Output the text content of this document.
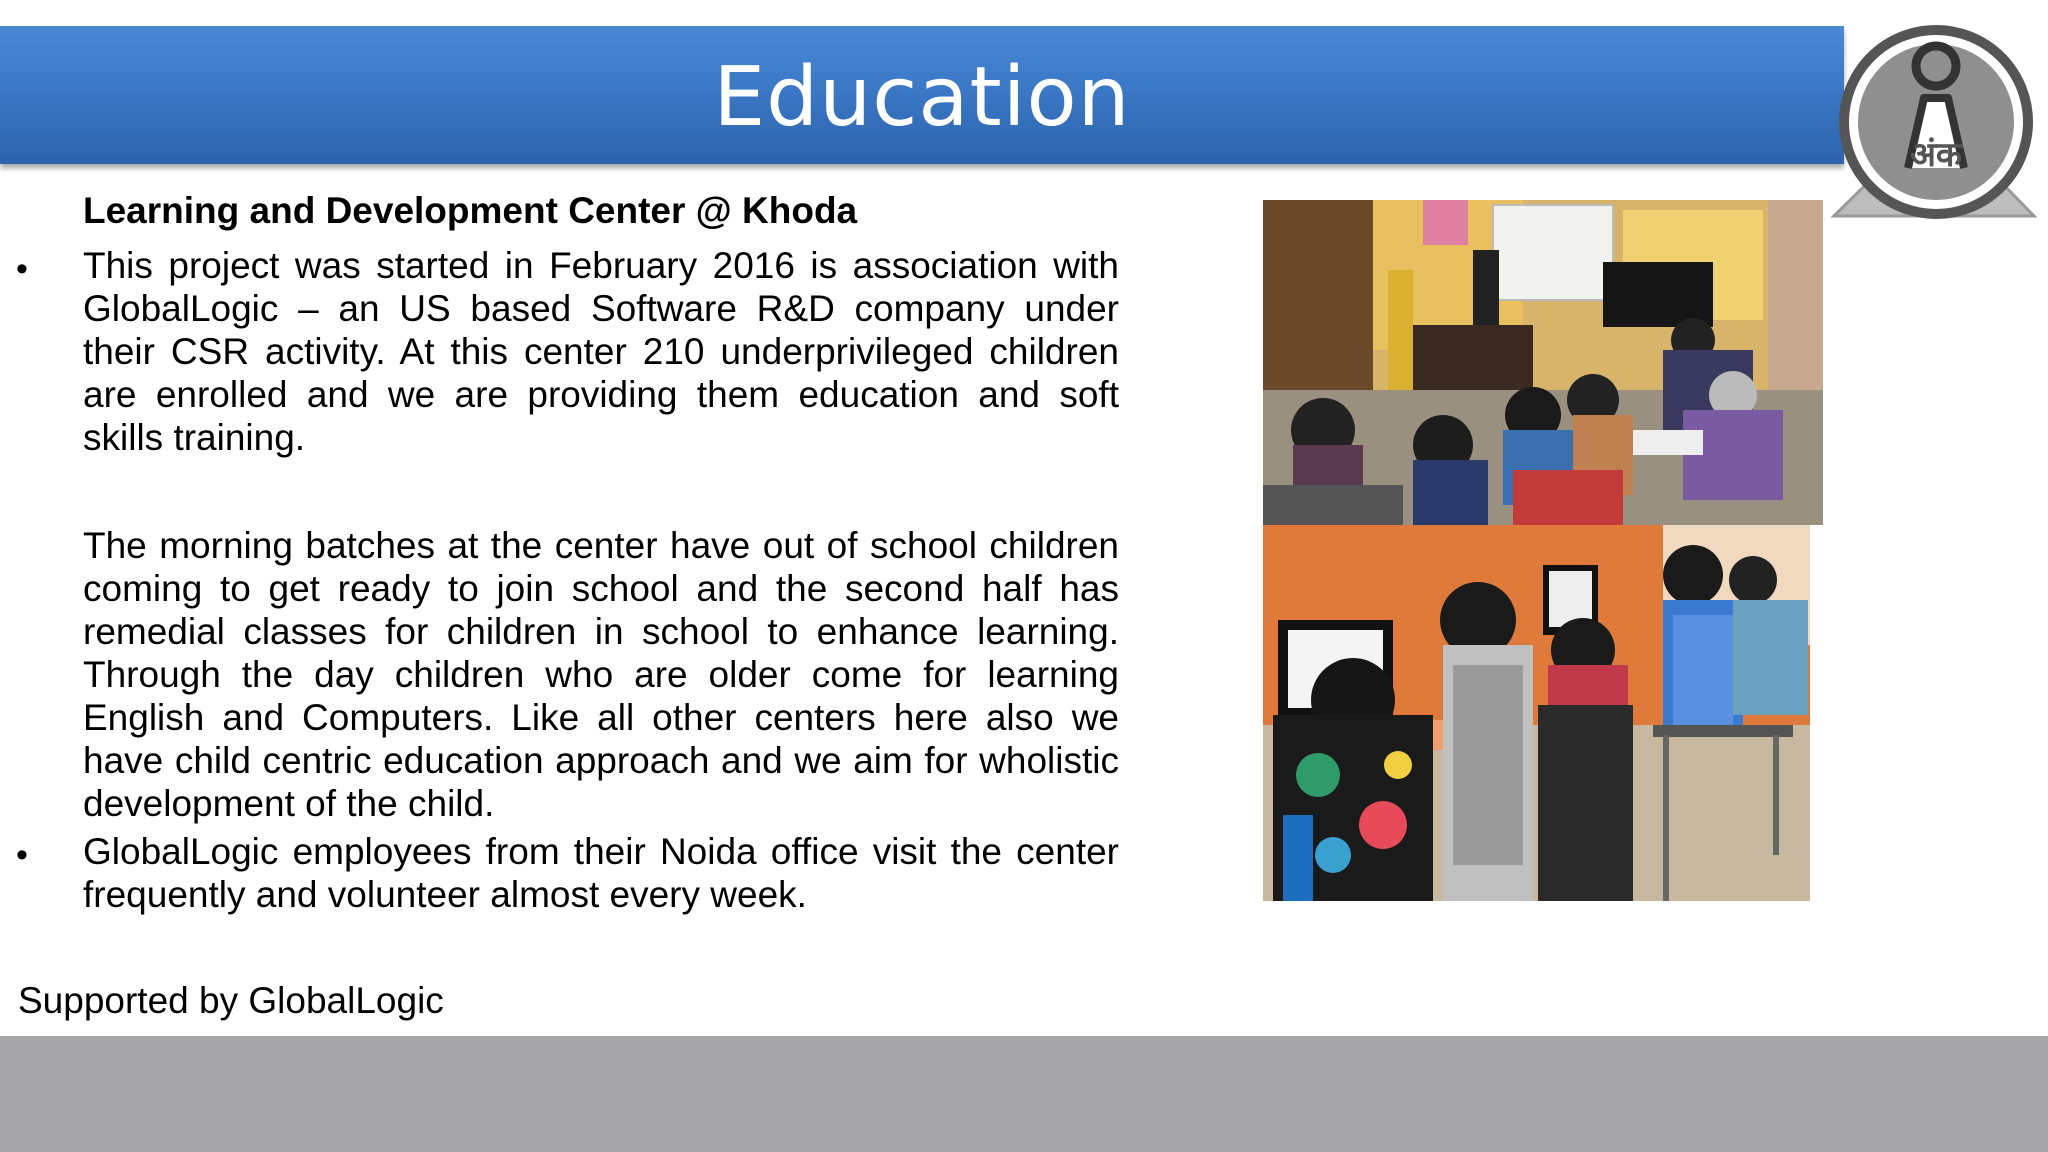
Education
अंक
Learning and Development Center @ Khoda
• This project was started in February 2016 is association with GlobalLogic – an US based Software R&D company under their CSR activity. At this center 210 underprivileged children are enrolled and we are providing them education and soft skills training.
The morning batches at the center have out of school children coming to get ready to join school and the second half has remedial classes for children in school to enhance learning. Through the day children who are older come for learning English and Computers. Like all other centers here also we have child centric education approach and we aim for wholistic development of the child.
• GlobalLogic employees from their Noida office visit the center frequently and volunteer almost every week.
Supported by GlobalLogic
